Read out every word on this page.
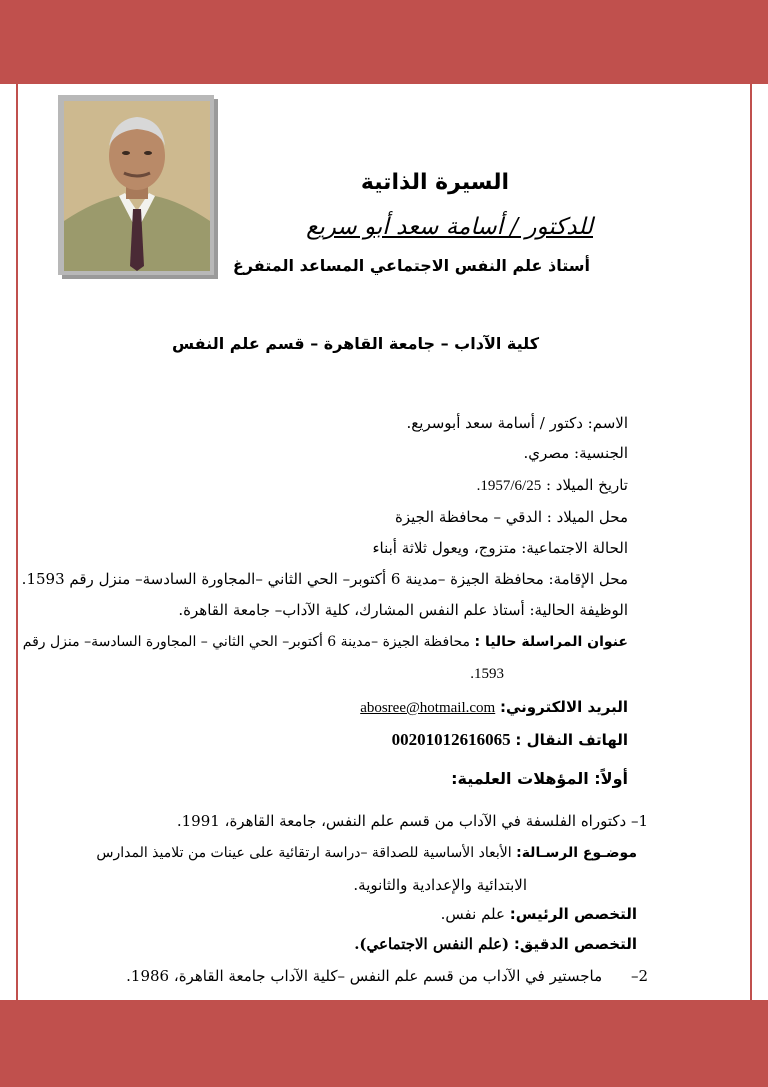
السيرة الذاتية
للدكتور / أسامة سعد أبو سريع
أستاذ علم النفس الاجتماعي المساعد المتفرغ
كلية الآداب – جامعة القاهرة – قسم علم النفس
الاسم: دكتور / أسامة سعد أبوسريع.
الجنسية: مصري.
تاريخ الميلاد : 1957/6/25.
محل الميلاد : الدقي – محافظة الجيزة
الحالة الاجتماعية: متزوج، ويعول ثلاثة أبناء
محل الإقامة: محافظة الجيزة –مدينة 6 أكتوبر– الحي الثاني –المجاورة السادسة– منزل رقم 1593.
الوظيفة الحالية: أستاذ علم النفس المشارك، كلية الآداب– جامعة القاهرة.
عنوان المراسلة حاليا : محافظة الجيزة –مدينة 6 أكتوبر– الحي الثاني – المجاورة السادسة– منزل رقم
1593.
البريد الالكتروني: abosree@hotmail.com
الهاتف النقال : 00201012616065
أولاً: المؤهلات العلمية:
1– دكتوراه الفلسفة في الآداب من قسم علم النفس، جامعة القاهرة، 1991.
موضـوع الرسـالة: الأبعاد الأساسية للصداقة –دراسة ارتقائية على عينات من تلاميذ المدارس
الابتدائية والإعدادية والثانوية.
التخصص الرئيس: علم نفس.
التخصص الدقيق: (علم النفس الاجتماعي).
2– ماجستير في الآداب من قسم علم النفس –كلية الآداب جامعة القاهرة، 1986.
